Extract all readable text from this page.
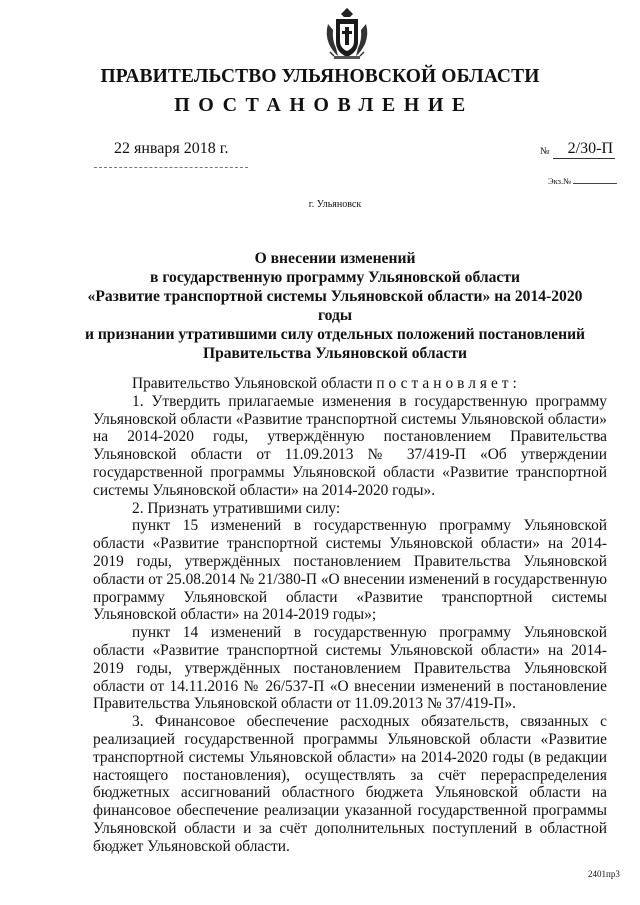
ПРАВИТЕЛЬСТВО УЛЬЯНОВСКОЙ ОБЛАСТИ
ПОСТАНОВЛЕНИЕ
22 января 2018 г.	№	2/30-П
Экз.№
г. Ульяновск
О внесении изменений
в государственную программу Ульяновской области
«Развитие транспортной системы Ульяновской области» на 2014-2020 годы
и признании утратившими силу отдельных положений постановлений
Правительства Ульяновской области

Правительство Ульяновской области постановляет:

1. Утвердить прилагаемые изменения в государственную программу Ульяновской области «Развитие транспортной системы Ульяновской области» на 2014-2020 годы, утверждённую постановлением Правительства Ульяновской области от 11.09.2013 № 37/419-П «Об утверждении государственной программы Ульяновской области «Развитие транспортной системы Ульяновской области» на 2014-2020 годы».

2. Признать утратившими силу:

пункт 15 изменений в государственную программу Ульяновской области «Развитие транспортной системы Ульяновской области» на 2014-2019 годы, утверждённых постановлением Правительства Ульяновской области от 25.08.2014 № 21/380-П «О внесении изменений в государственную программу Ульяновской области «Развитие транспортной системы Ульяновской области» на 2014-2019 годы»;

пункт 14 изменений в государственную программу Ульяновской области «Развитие транспортной системы Ульяновской области» на 2014-2019 годы, утверждённых постановлением Правительства Ульяновской области от 14.11.2016 № 26/537-П «О внесении изменений в постановление Правительства Ульяновской области от 11.09.2013 № 37/419-П».

3. Финансовое обеспечение расходных обязательств, связанных с реализацией государственной программы Ульяновской области «Развитие транспортной системы Ульяновской области» на 2014-2020 годы (в редакции настоящего постановления), осуществлять за счёт перераспределения бюджетных ассигнований областного бюджета Ульяновской области на финансовое обеспечение реализации указанной государственной программы Ульяновской области и за счёт дополнительных поступлений в областной бюджет Ульяновской области.

2401пр3
